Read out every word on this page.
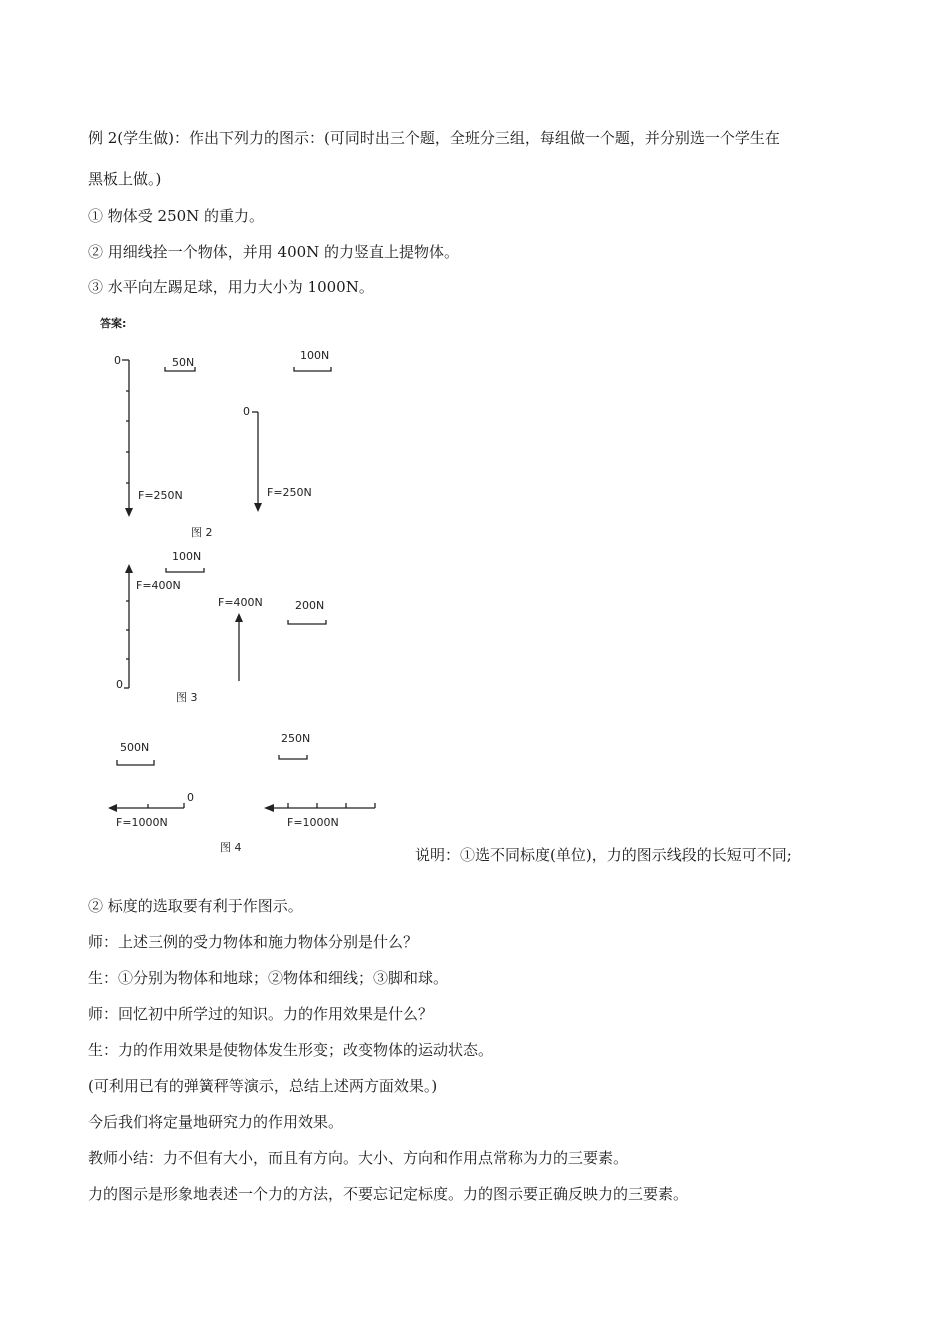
例 2(学生做)：作出下列力的图示：(可同时出三个题，全班分三组，每组做一个题，并分别选一个学生在
黑板上做。)
① 物体受 250N 的重力。
② 用细线拴一个物体，并用 400N 的力竖直上提物体。
③ 水平向左踢足球，用力大小为 1000N。
答案:
0
F=250N
50N
100N
0
F=250N
图 2
100N
0
F=400N
F=400N	200N
图 3
500N
250N
0
F=1000N	F=1000N
图 4	说明：①选不同标度(单位)，力的图示线段的长短可不同;
② 标度的选取要有利于作图示。
师：上述三例的受力物体和施力物体分别是什么？
生：①分别为物体和地球；②物体和细线；③脚和球。
师：回忆初中所学过的知识。力的作用效果是什么？
生：力的作用效果是使物体发生形变；改变物体的运动状态。
(可利用已有的弹簧秤等演示，总结上述两方面效果。)
今后我们将定量地研究力的作用效果。
教师小结：力不但有大小，而且有方向。大小、方向和作用点常称为力的三要素。
力的图示是形象地表述一个力的方法，不要忘记定标度。力的图示要正确反映力的三要素。
